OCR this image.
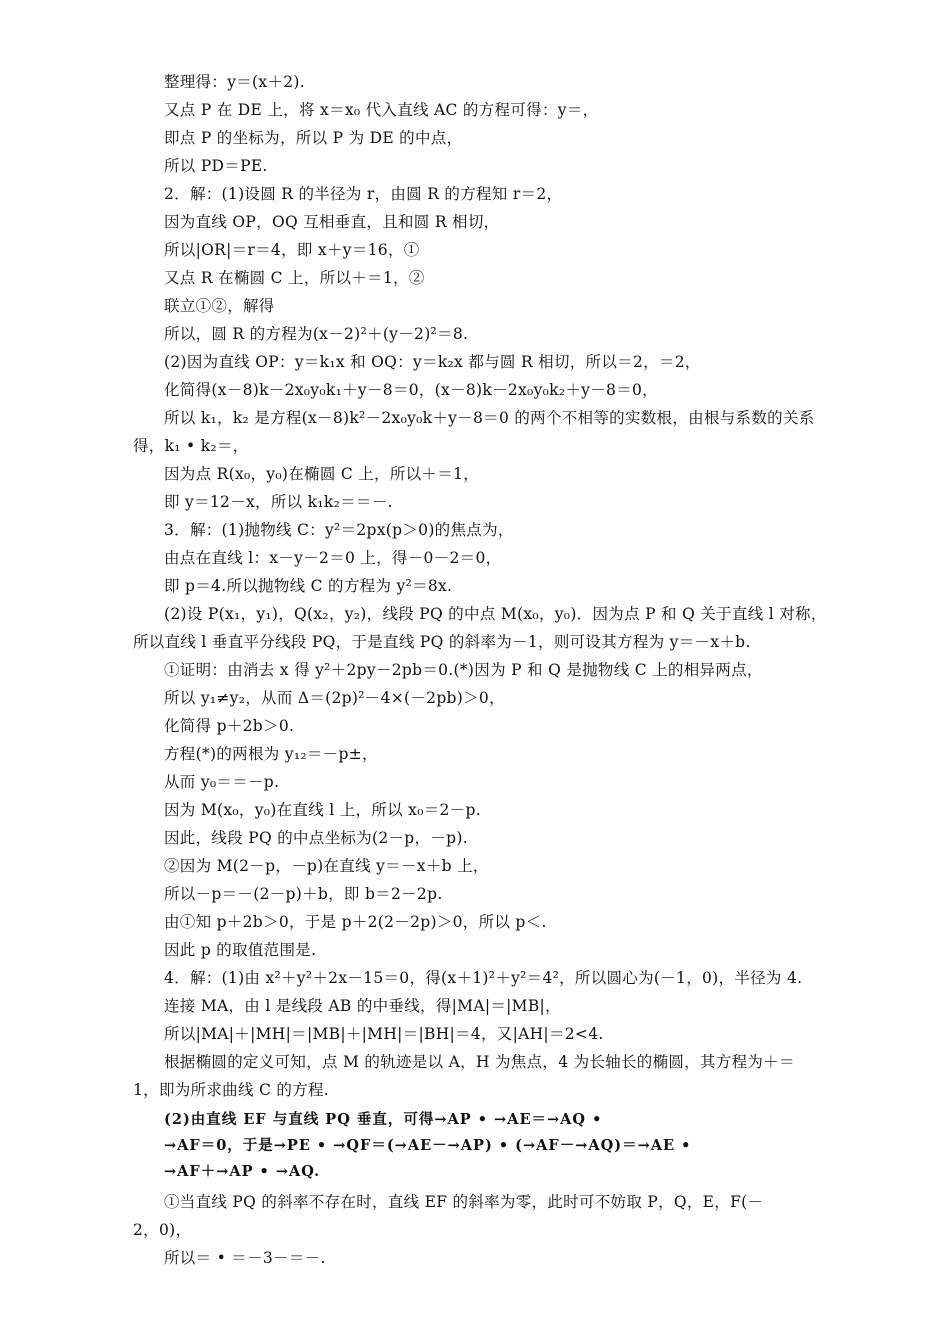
整理得：y＝(x＋2).
又点 P 在 DE 上，将 x＝x₀ 代入直线 AC 的方程可得：y＝，
即点 P 的坐标为，所以 P 为 DE 的中点，
所以 PD＝PE.
2．解：(1)设圆 R 的半径为 r，由圆 R 的方程知 r＝2，
因为直线 OP，OQ 互相垂直，且和圆 R 相切，
所以|OR|＝r＝4，即 x＋y＝16，①
又点 R 在椭圆 C 上，所以＋＝1，②
联立①②，解得
所以，圆 R 的方程为(x－2)²＋(y－2)²＝8.
(2)因为直线 OP：y＝k₁x 和 OQ：y＝k₂x 都与圆 R 相切，所以＝2，＝2，
化简得(x－8)k－2x₀y₀k₁＋y－8＝0，(x－8)k－2x₀y₀k₂＋y－8＝0，
所以 k₁，k₂ 是方程(x－8)k²－2x₀y₀k＋y－8＝0 的两个不相等的实数根，由根与系数的关系
得，k₁ • k₂＝，
因为点 R(x₀，y₀)在椭圆 C 上，所以＋＝1，
即 y＝12－x，所以 k₁k₂＝＝－.
3．解：(1)抛物线 C：y²＝2px(p＞0)的焦点为，
由点在直线 l：x－y－2＝0 上，得－0－2＝0，
即 p＝4.所以抛物线 C 的方程为 y²＝8x.
(2)设 P(x₁，y₁)，Q(x₂，y₂)，线段 PQ 的中点 M(x₀，y₀)．因为点 P 和 Q 关于直线 l 对称，
所以直线 l 垂直平分线段 PQ，于是直线 PQ 的斜率为－1，则可设其方程为 y＝－x＋b.
①证明：由消去 x 得 y²＋2py－2pb＝0.(*)因为 P 和 Q 是抛物线 C 上的相异两点，
所以 y₁≠y₂，从而 Δ＝(2p)²－4×(－2pb)＞0，
化简得 p＋2b＞0.
方程(*)的两根为 y₁₂＝－p±，
从而 y₀＝＝－p.
因为 M(x₀，y₀)在直线 l 上，所以 x₀＝2－p.
因此，线段 PQ 的中点坐标为(2－p，－p).
②因为 M(2－p，－p)在直线 y＝－x＋b 上，
所以－p＝－(2－p)＋b，即 b＝2－2p.
由①知 p＋2b＞0，于是 p＋2(2－2p)＞0，所以 p＜.
因此 p 的取值范围是.
4．解：(1)由 x²＋y²＋2x－15＝0，得(x＋1)²＋y²＝4²，所以圆心为(－1，0)，半径为 4.
连接 MA，由 l 是线段 AB 的中垂线，得|MA|＝|MB|，
所以|MA|＋|MH|＝|MB|＋|MH|＝|BH|＝4，又|AH|＝2<4.
根据椭圆的定义可知，点 M 的轨迹是以 A，H 为焦点，4 为长轴长的椭圆，其方程为＋＝
1，即为所求曲线 C 的方程.
(2)由直线 EF 与直线 PQ 垂直，可得→AP • →AE＝→AQ •
→AF＝0，于是→PE • →QF＝(→AE－→AP) • (→AF－→AQ)＝→AE •
→AF＋→AP • →AQ.
①当直线 PQ 的斜率不存在时，直线 EF 的斜率为零，此时可不妨取 P，Q，E，F(－
2，0)，
所以＝ • ＝－3－＝－.
